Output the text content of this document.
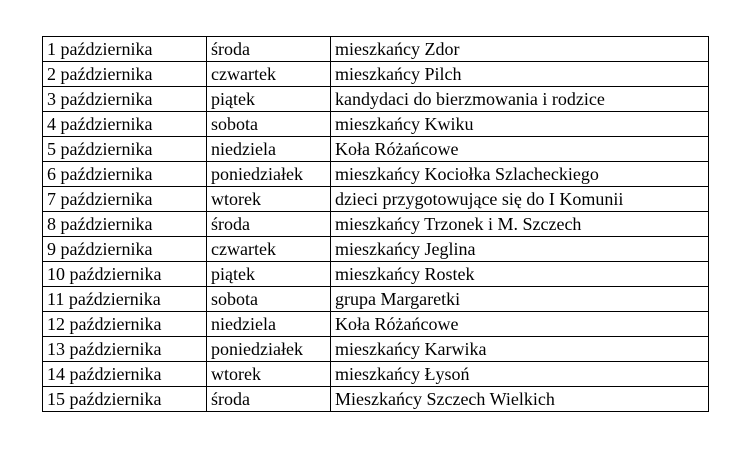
1 października	środa	mieszkańcy Zdor
2 października	czwartek	mieszkańcy Pilch
3 października	piątek	kandydaci do bierzmowania i rodzice
4 października	sobota	mieszkańcy Kwiku
5 października	niedziela	Koła Różańcowe
6 października	poniedziałek	mieszkańcy Kociołka Szlacheckiego
7 października	wtorek	dzieci przygotowujące się do I Komunii
8 października	środa	mieszkańcy Trzonek i M. Szczech
9 października	czwartek	mieszkańcy Jeglina
10 października	piątek	mieszkańcy Rostek
11 października	sobota	grupa Margaretki
12 października	niedziela	Koła Różańcowe
13 października	poniedziałek	mieszkańcy Karwika
14 października	wtorek	mieszkańcy Łysoń
15 października	środa	Mieszkańcy Szczech Wielkich
